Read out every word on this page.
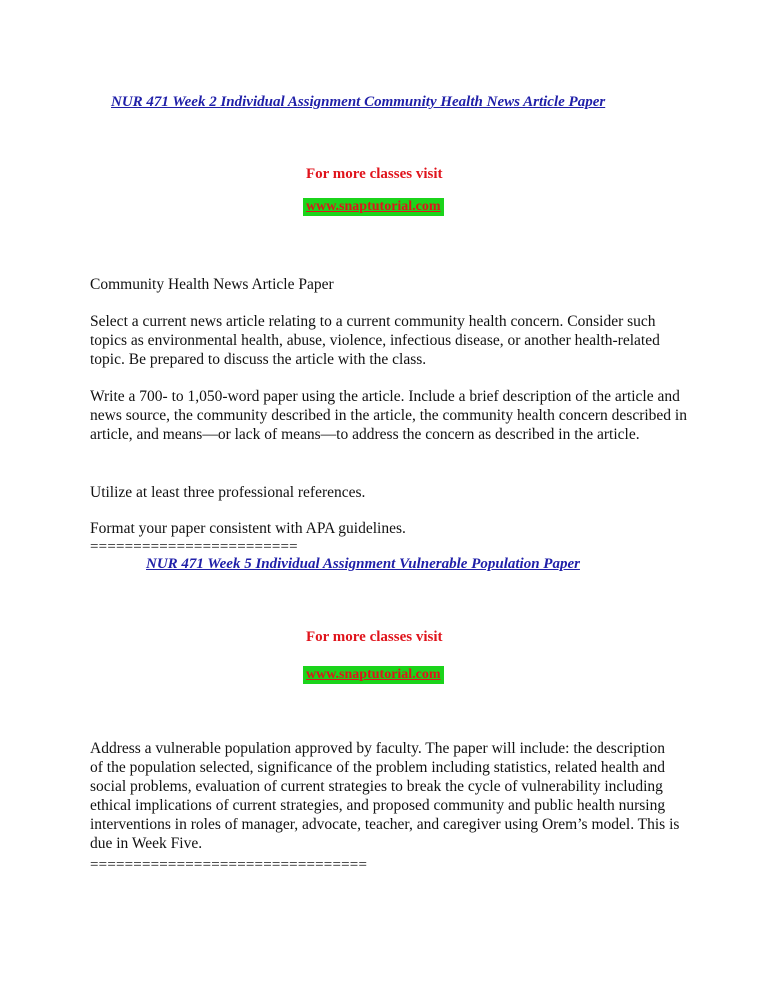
NUR 471 Week 2 Individual Assignment Community Health News Article Paper
For more classes visit
www.snaptutorial.com

Community Health News Article Paper

Select a current news article relating to a current community health concern. Consider such topics as environmental health, abuse, violence, infectious disease, or another health-related topic. Be prepared to discuss the article with the class.

Write a 700- to 1,050-word paper using the article. Include a brief description of the article and news source, the community described in the article, the community health concern described in article, and means—or lack of means—to address the concern as described in the article.

Utilize at least three professional references.

Format your paper consistent with APA guidelines.

========================
NUR 471 Week 5 Individual Assignment Vulnerable Population Paper
For more classes visit
www.snaptutorial.com

Address a vulnerable population approved by faculty. The paper will include: the description of the population selected, significance of the problem including statistics, related health and social problems, evaluation of current strategies to break the cycle of vulnerability including ethical implications of current strategies, and proposed community and public health nursing interventions in roles of manager, advocate, teacher, and caregiver using Orem’s model. This is due in Week Five.

================================
